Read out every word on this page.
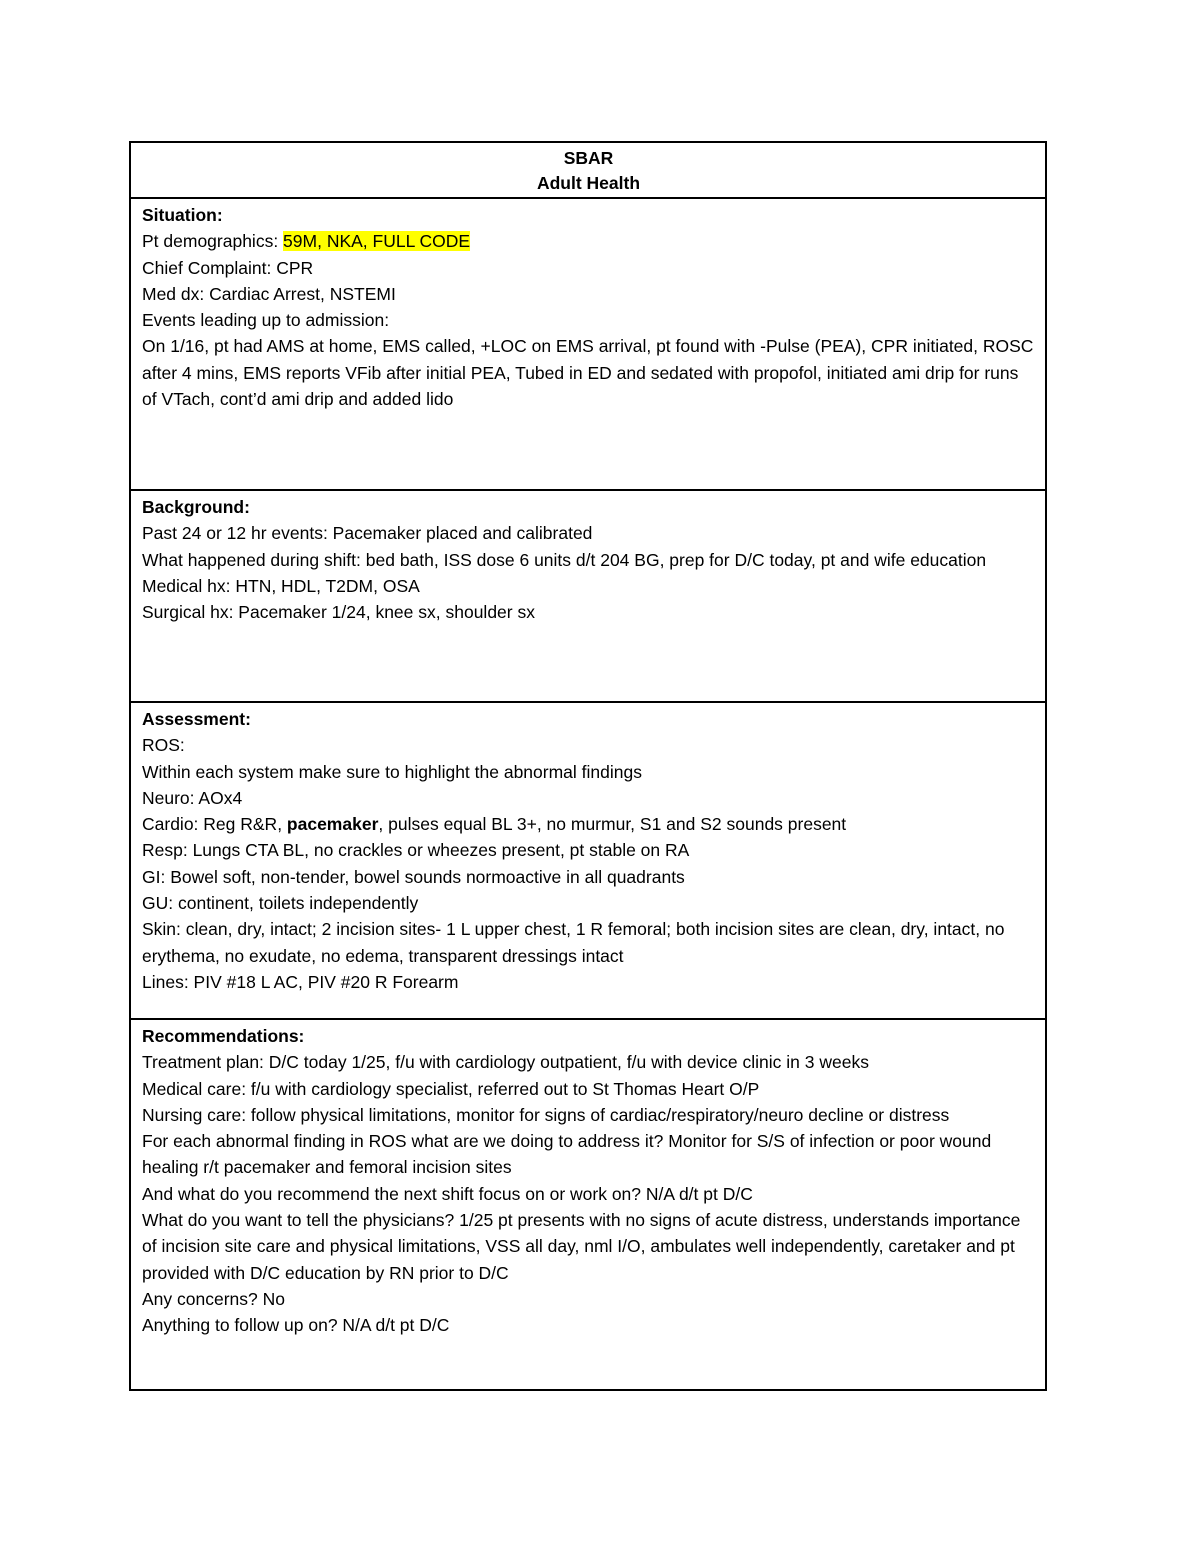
SBAR
Adult Health
Situation:
Pt demographics: 59M, NKA, FULL CODE
Chief Complaint: CPR
Med dx: Cardiac Arrest, NSTEMI
Events leading up to admission:
On 1/16, pt had AMS at home, EMS called, +LOC on EMS arrival, pt found with -Pulse (PEA), CPR initiated, ROSC after 4 mins, EMS reports VFib after initial PEA, Tubed in ED and sedated with propofol, initiated ami drip for runs of VTach, cont’d ami drip and added lido
Background:
Past 24 or 12 hr events: Pacemaker placed and calibrated
What happened during shift: bed bath, ISS dose 6 units d/t 204 BG, prep for D/C today, pt and wife education
Medical hx: HTN, HDL, T2DM, OSA
Surgical hx: Pacemaker 1/24, knee sx, shoulder sx
Assessment:
ROS:
Within each system make sure to highlight the abnormal findings
Neuro: AOx4
Cardio: Reg R&R, pacemaker, pulses equal BL 3+, no murmur, S1 and S2 sounds present
Resp: Lungs CTA BL, no crackles or wheezes present, pt stable on RA
GI: Bowel soft, non-tender, bowel sounds normoactive in all quadrants
GU: continent, toilets independently
Skin: clean, dry, intact; 2 incision sites- 1 L upper chest, 1 R femoral; both incision sites are clean, dry, intact, no erythema, no exudate, no edema, transparent dressings intact
Lines: PIV #18 L AC, PIV #20 R Forearm
Recommendations:
Treatment plan: D/C today 1/25, f/u with cardiology outpatient, f/u with device clinic in 3 weeks
Medical care: f/u with cardiology specialist, referred out to St Thomas Heart O/P
Nursing care: follow physical limitations, monitor for signs of cardiac/respiratory/neuro decline or distress
For each abnormal finding in ROS what are we doing to address it? Monitor for S/S of infection or poor wound healing r/t pacemaker and femoral incision sites
And what do you recommend the next shift focus on or work on? N/A d/t pt D/C
What do you want to tell the physicians? 1/25 pt presents with no signs of acute distress, understands importance of incision site care and physical limitations, VSS all day, nml I/O, ambulates well independently, caretaker and pt provided with D/C education by RN prior to D/C
Any concerns? No
Anything to follow up on? N/A d/t pt D/C
